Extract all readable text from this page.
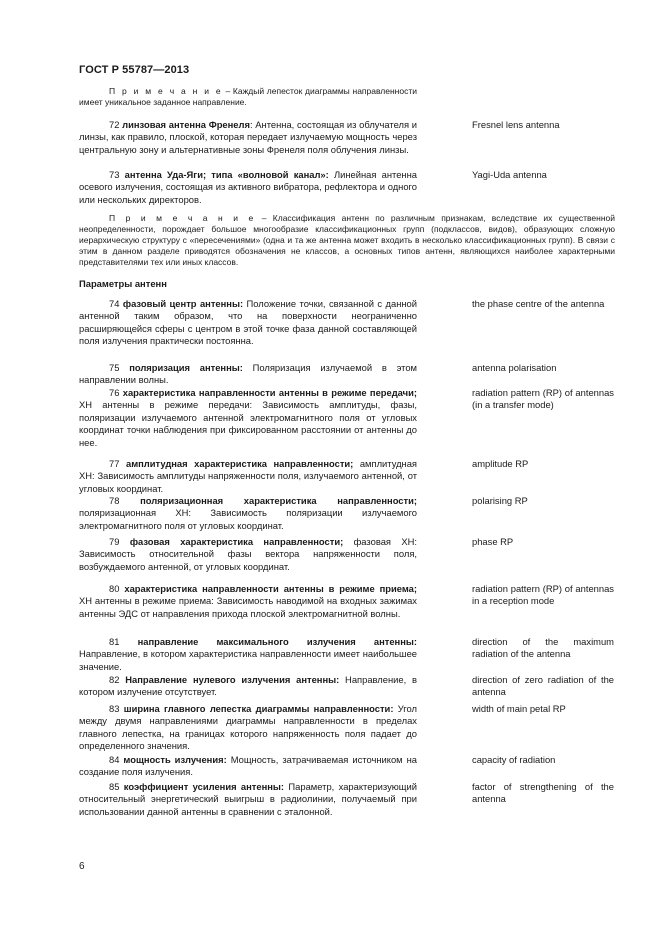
ГОСТ Р 55787—2013
П р и м е ч а н и е – Каждый лепесток диаграммы направленности имеет уникальное заданное направление.
72 линзовая антенна Френеля: Антенна, состоящая из облучателя и линзы, как правило, плоской, которая передает излучаемую мощность через центральную зону и альтернативные зоны Френеля поля облучения линзы.
Fresnel lens antenna
73 антенна Уда-Яги; типа «волновой канал»: Линейная антенна осевого излучения, состоящая из активного вибратора, рефлектора и одного или нескольких директоров.
Yagi-Uda antenna
П р и м е ч а н и е – Классификация антенн по различным признакам, вследствие их существенной неопределенности, порождает большое многообразие классификационных групп (подклассов, видов), образующих сложную иерархическую структуру с «пересечениями» (одна и та же антенна может входить в несколько классификационных групп). В связи с этим в данном разделе приводятся обозначения не классов, а основных типов антенн, являющихся наиболее характерными представителями тех или иных классов.
Параметры антенн
74 фазовый центр антенны: Положение точки, связанной с данной антенной таким образом, что на поверхности неограниченно расширяющейся сферы с центром в этой точке фаза данной составляющей поля излучения практически постоянна.
the phase centre of the antenna
75 поляризация антенны: Поляризация излучаемой в этом направлении волны.
antenna polarisation
76 характеристика направленности антенны в режиме передачи; ХН антенны в режиме передачи: Зависимость амплитуды, фазы, поляризации излучаемого антенной электромагнитного поля от угловых координат точки наблюдения при фиксированном расстоянии от антенны до нее.
radiation pattern (RP) of antennas (in a transfer mode)
77 амплитудная характеристика направленности; амплитудная ХН: Зависимость амплитуды напряженности поля, излучаемого антенной, от угловых координат.
amplitude RP
78 поляризационная характеристика направленности; поляризационная ХН: Зависимость поляризации излучаемого электромагнитного поля от угловых координат.
polarising RP
79 фазовая характеристика направленности; фазовая ХН: Зависимость относительной фазы вектора напряженности поля, возбуждаемого антенной, от угловых координат.
phase RP
80 характеристика направленности антенны в режиме приема; ХН антенны в режиме приема: Зависимость наводимой на входных зажимах антенны ЭДС от направления прихода плоской электромагнитной волны.
radiation pattern (RP) of antennas in a reception mode
81 направление максимального излучения антенны: Направление, в котором характеристика направленности имеет наибольшее значение.
direction of the maximum radiation of the antenna
82 Направление нулевого излучения антенны: Направление, в котором излучение отсутствует.
direction of zero radiation of the antenna
83 ширина главного лепестка диаграммы направленности: Угол между двумя направлениями диаграммы направленности в пределах главного лепестка, на границах которого напряженность поля падает до определенного значения.
width of main petal RP
84 мощность излучения: Мощность, затрачиваемая источником на создание поля излучения.
capacity of radiation
85 коэффициент усиления антенны: Параметр, характеризующий относительный энергетический выигрыш в радиолинии, получаемый при использовании данной антенны в сравнении с эталонной.
factor of strengthening of the antenna
6
